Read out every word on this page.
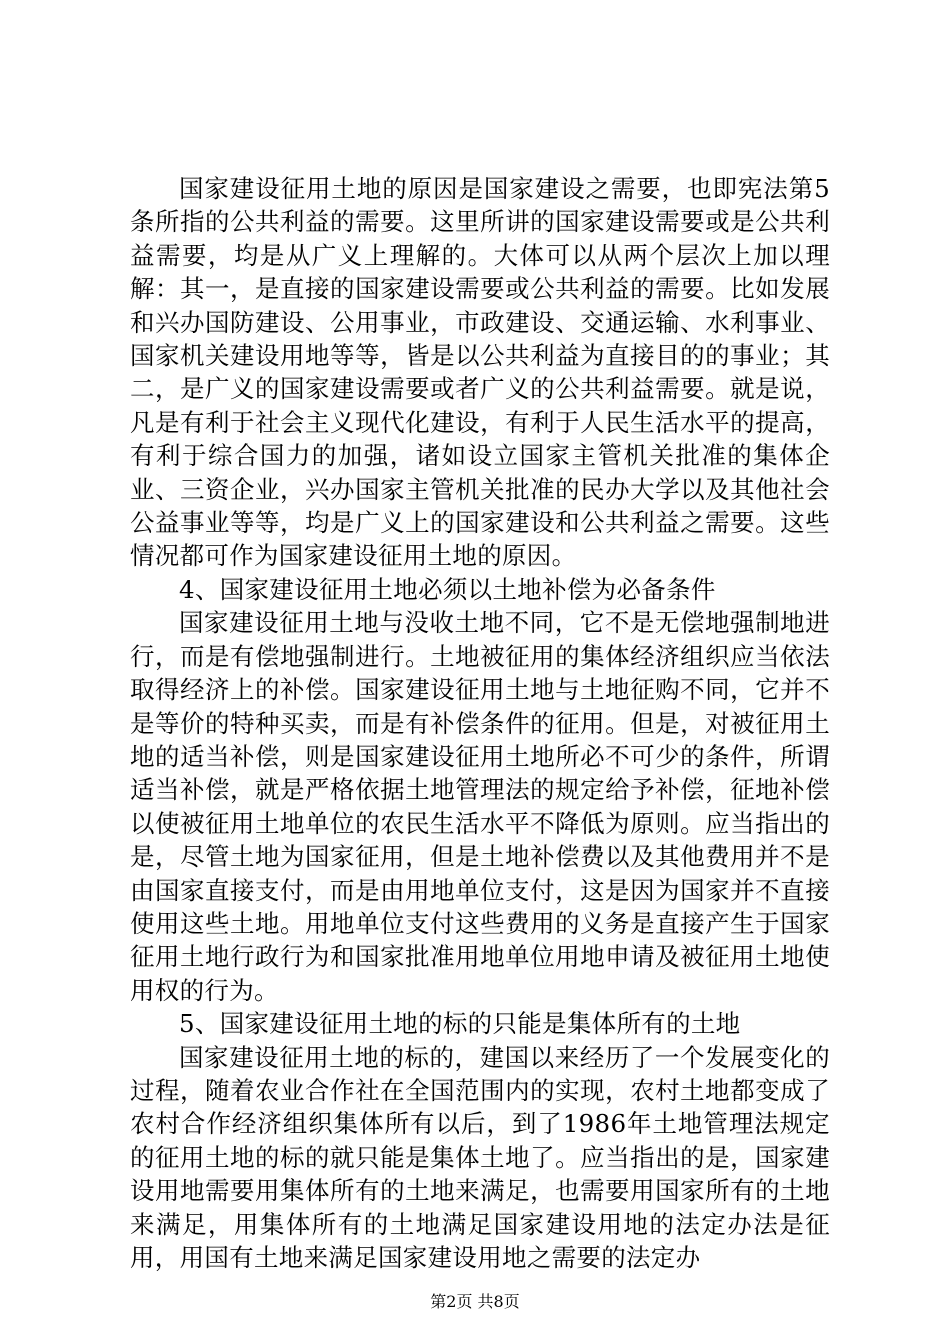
国家建设征用土地的原因是国家建设之需要，也即宪法第5条所指的公共利益的需要。这里所讲的国家建设需要或是公共利益需要，均是从广义上理解的。大体可以从两个层次上加以理解：其一，是直接的国家建设需要或公共利益的需要。比如发展和兴办国防建设、公用事业，市政建设、交通运输、水利事业、国家机关建设用地等等，皆是以公共利益为直接目的的事业；其二，是广义的国家建设需要或者广义的公共利益需要。就是说，凡是有利于社会主义现代化建设，有利于人民生活水平的提高，有利于综合国力的加强，诸如设立国家主管机关批准的集体企业、三资企业，兴办国家主管机关批准的民办大学以及其他社会公益事业等等，均是广义上的国家建设和公共利益之需要。这些情况都可作为国家建设征用土地的原因。

4、国家建设征用土地必须以土地补偿为必备条件

国家建设征用土地与没收土地不同，它不是无偿地强制地进行，而是有偿地强制进行。土地被征用的集体经济组织应当依法取得经济上的补偿。国家建设征用土地与土地征购不同，它并不是等价的特种买卖，而是有补偿条件的征用。但是，对被征用土地的适当补偿，则是国家建设征用土地所必不可少的条件，所谓适当补偿，就是严格依据土地管理法的规定给予补偿，征地补偿以使被征用土地单位的农民生活水平不降低为原则。应当指出的是，尽管土地为国家征用，但是土地补偿费以及其他费用并不是由国家直接支付，而是由用地单位支付，这是因为国家并不直接使用这些土地。用地单位支付这些费用的义务是直接产生于国家征用土地行政行为和国家批准用地单位用地申请及被征用土地使用权的行为。

5、国家建设征用土地的标的只能是集体所有的土地

国家建设征用土地的标的，建国以来经历了一个发展变化的过程，随着农业合作社在全国范围内的实现，农村土地都变成了农村合作经济组织集体所有以后，到了1986年土地管理法规定的征用土地的标的就只能是集体土地了。应当指出的是，国家建设用地需要用集体所有的土地来满足，也需要用国家所有的土地来满足，用集体所有的土地满足国家建设用地的法定办法是征用，用国有土地来满足国家建设用地之需要的法定办

第2页 共8页
